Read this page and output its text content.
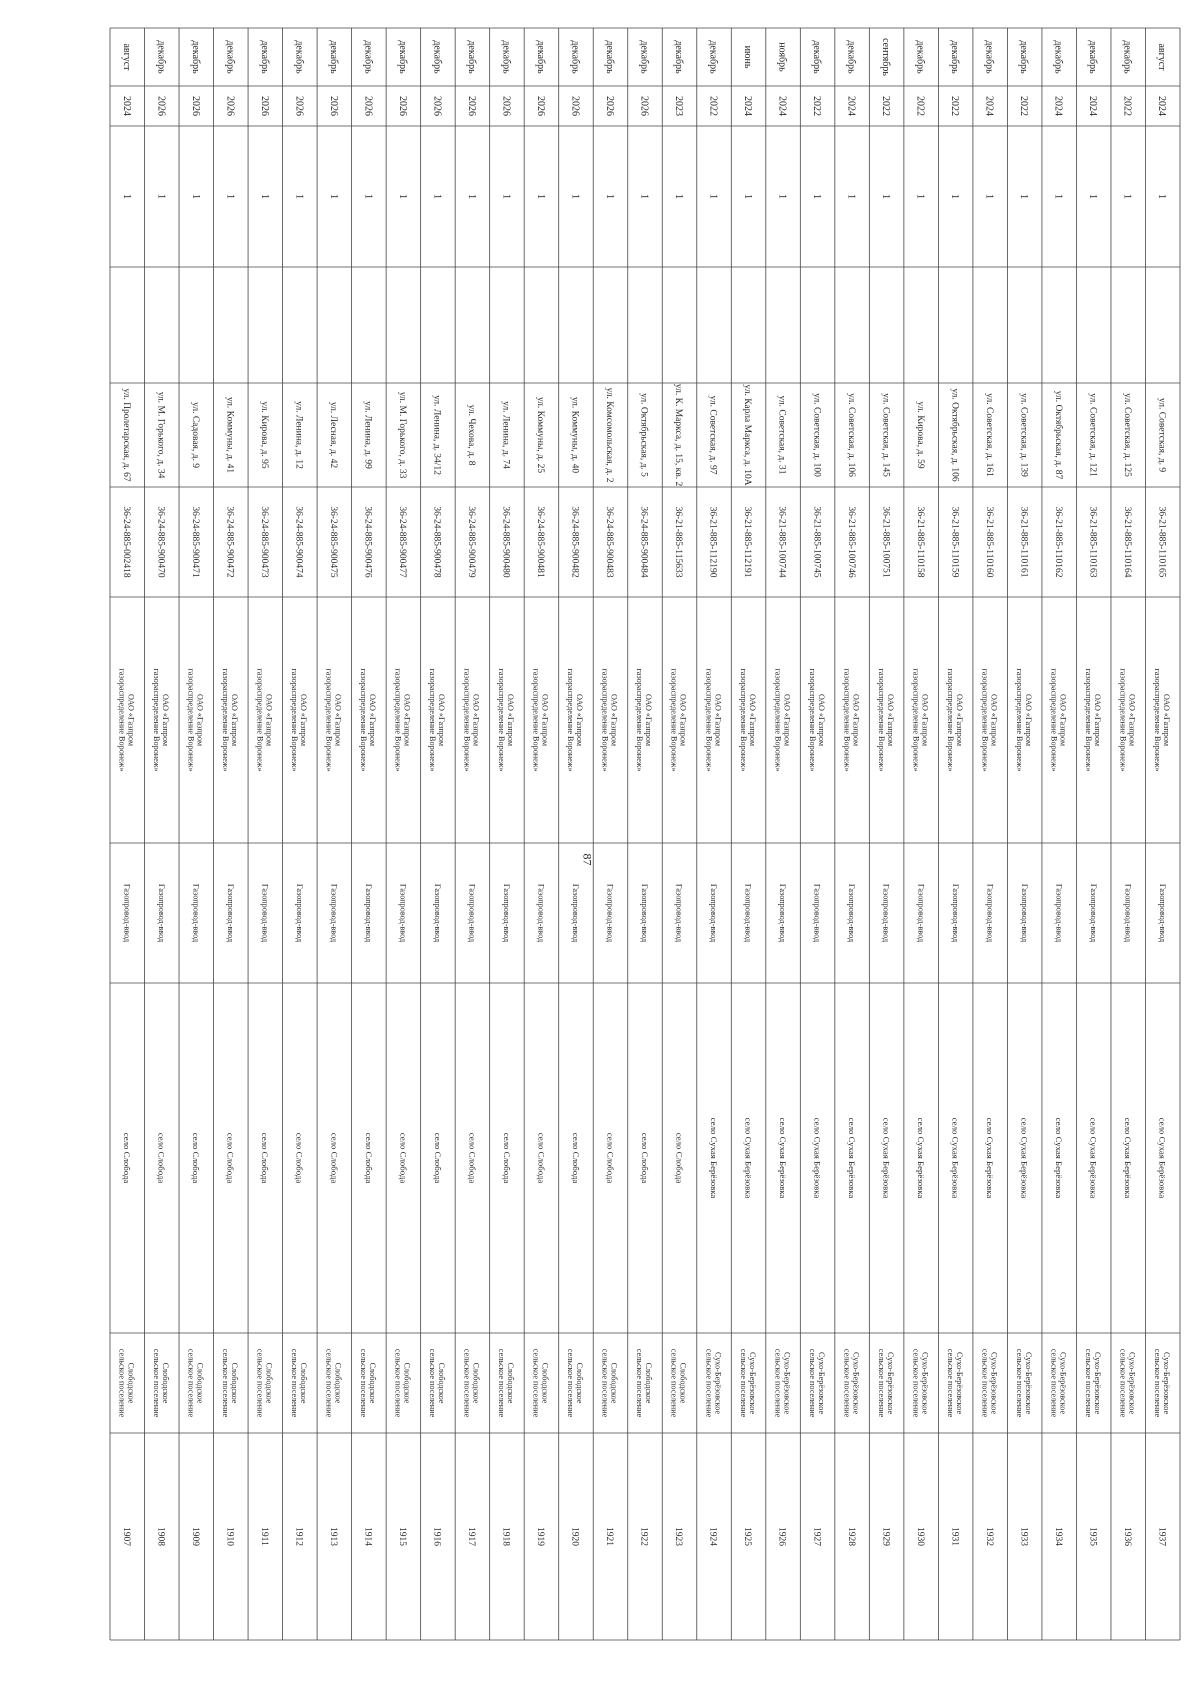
87
август
2024
1
ул. Пролетарская, д. 67
36-24-885-002418
ОАО «Газпромгазораспределение Воронеж»
Газопровод-ввод
село Слобода
Слободскоесельское поселение
1907
декабрь
2026
1
ул. М. Горького, д. 34
36-24-885-900470
ОАО «Газпромгазораспределение Воронеж»
Газопровод-ввод
село Слобода
Слободскоесельское поселение
1908
декабрь
2026
1
ул. Садовая, д. 9
36-24-885-900471
ОАО «Газпромгазораспределение Воронеж»
Газопровод-ввод
село Слобода
Слободскоесельское поселение
1909
декабрь
2026
1
ул. Коммуны, д. 41
36-24-885-900472
ОАО «Газпромгазораспределение Воронеж»
Газопровод-ввод
село Слобода
Слободскоесельское поселение
1910
декабрь
2026
1
ул. Кирова, д. 95
36-24-885-900473
ОАО «Газпромгазораспределение Воронеж»
Газопровод-ввод
село Слобода
Слободскоесельское поселение
1911
декабрь
2026
1
ул. Ленина, д. 12
36-24-885-900474
ОАО «Газпромгазораспределение Воронеж»
Газопровод-ввод
село Слобода
Слободскоесельское поселение
1912
декабрь
2026
1
ул. Лесная, д. 42
36-24-885-900475
ОАО «Газпромгазораспределение Воронеж»
Газопровод-ввод
село Слобода
Слободскоесельское поселение
1913
декабрь
2026
1
ул. Ленина, д. 99
36-24-885-900476
ОАО «Газпромгазораспределение Воронеж»
Газопровод-ввод
село Слобода
Слободскоесельское поселение
1914
декабрь
2026
1
ул. М. Горького, д. 33
36-24-885-900477
ОАО «Газпромгазораспределение Воронеж»
Газопровод-ввод
село Слобода
Слободскоесельское поселение
1915
декабрь
2026
1
ул. Ленина, д. 34/12
36-24-885-900478
ОАО «Газпромгазораспределение Воронеж»
Газопровод-ввод
село Слобода
Слободскоесельское поселение
1916
декабрь
2026
1
ул. Чехова, д. 8
36-24-885-900479
ОАО «Газпромгазораспределение Воронеж»
Газопровод-ввод
село Слобода
Слободскоесельское поселение
1917
декабрь
2026
1
ул. Ленина, д. 74
36-24-885-900480
ОАО «Газпромгазораспределение Воронеж»
Газопровод-ввод
село Слобода
Слободскоесельское поселение
1918
декабрь
2026
1
ул. Коммуны, д. 25
36-24-885-900481
ОАО «Газпромгазораспределение Воронеж»
Газопровод-ввод
село Слобода
Слободскоесельское поселение
1919
декабрь
2026
1
ул. Коммуны, д. 40
36-24-885-900482
ОАО «Газпромгазораспределение Воронеж»
Газопровод-ввод
село Слобода
Слободскоесельское поселение
1920
декабрь
2026
1
ул. Комсомольская, д. 2
36-24-885-900483
ОАО «Газпромгазораспределение Воронеж»
Газопровод-ввод
село Слобода
Слободскоесельское поселение
1921
декабрь
2026
1
ул. Октябрьская, д. 5
36-24-885-900484
ОАО «Газпромгазораспределение Воронеж»
Газопровод-ввод
село Слобода
Слободскоесельское поселение
1922
декабрь
2023
1
ул. К. Маркса, д. 15, кв. 2
36-21-885-115633
ОАО «Газпромгазораспределение Воронеж»
Газопровод-ввод
село Слобода
Слободскоесельское поселение
1923
декабрь
2022
1
ул. Советская, д. 97
36-21-885-112190
ОАО «Газпромгазораспределение Воронеж»
Газопровод-ввод
село Сухая Берёзовка
Сухо-Берёзовскоесельское поселение
1924
июнь
2024
1
ул. Карла Маркса, д. 10А
36-21-885-112191
ОАО «Газпромгазораспределение Воронеж»
Газопровод-ввод
село Сухая Берёзовка
Сухо-Берёзовскоесельское поселение
1925
ноябрь
2024
1
ул. Советская, д. 31
36-21-885-100744
ОАО «Газпромгазораспределение Воронеж»
Газопровод-ввод
село Сухая Берёзовка
Сухо-Берёзовскоесельское поселение
1926
декабрь
2022
1
ул. Советская, д. 100
36-21-885-100745
ОАО «Газпромгазораспределение Воронеж»
Газопровод-ввод
село Сухая Берёзовка
Сухо-Берёзовскоесельское поселение
1927
декабрь
2024
1
ул. Советская, д. 106
36-21-885-100746
ОАО «Газпромгазораспределение Воронеж»
Газопровод-ввод
село Сухая Берёзовка
Сухо-Берёзовскоесельское поселение
1928
сентябрь
2022
1
ул. Советская, д. 145
36-21-885-100751
ОАО «Газпромгазораспределение Воронеж»
Газопровод-ввод
село Сухая Берёзовка
Сухо-Берёзовскоесельское поселение
1929
декабрь
2022
1
ул. Кирова, д. 59
36-21-885-110158
ОАО «Газпромгазораспределение Воронеж»
Газопровод-ввод
село Сухая Берёзовка
Сухо-Берёзовскоесельское поселение
1930
декабрь
2022
1
ул. Октябрьская, д. 106
36-21-885-110159
ОАО «Газпромгазораспределение Воронеж»
Газопровод-ввод
село Сухая Берёзовка
Сухо-Берёзовскоесельское поселение
1931
декабрь
2024
1
ул. Советская, д. 161
36-21-885-110160
ОАО «Газпромгазораспределение Воронеж»
Газопровод-ввод
село Сухая Берёзовка
Сухо-Берёзовскоесельское поселение
1932
декабрь
2022
1
ул. Советская, д. 139
36-21-885-110161
ОАО «Газпромгазораспределение Воронеж»
Газопровод-ввод
село Сухая Берёзовка
Сухо-Берёзовскоесельское поселение
1933
декабрь
2024
1
ул. Октябрьская, д. 87
36-21-885-110162
ОАО «Газпромгазораспределение Воронеж»
Газопровод-ввод
село Сухая Берёзовка
Сухо-Берёзовскоесельское поселение
1934
декабрь
2024
1
ул. Советская, д. 121
36-21-885-110163
ОАО «Газпромгазораспределение Воронеж»
Газопровод-ввод
село Сухая Берёзовка
Сухо-Берёзовскоесельское поселение
1935
декабрь
2022
1
ул. Советская, д. 125
36-21-885-110164
ОАО «Газпромгазораспределение Воронеж»
Газопровод-ввод
село Сухая Берёзовка
Сухо-Берёзовскоесельское поселение
1936
август
2024
1
ул. Советская, д. 9
36-21-885-110165
ОАО «Газпромгазораспределение Воронеж»
Газопровод-ввод
село Сухая Берёзовка
Сухо-Берёзовскоесельское поселение
1937
